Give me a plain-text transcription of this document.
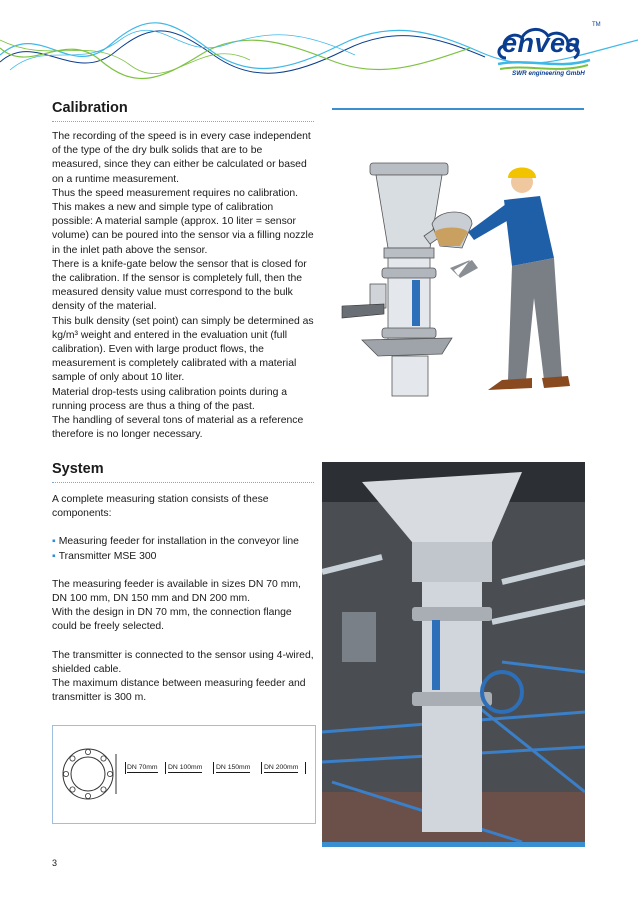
envea
TM
SWR engineering GmbH
Calibration

The recording of the speed is in every case independent of the type of the dry bulk solids that are to be measured, since they can either be calculated or based on a runtime measurement.

Thus the speed measurement requires no calibration.

This makes a new and simple type of calibration possible: A material sample (approx. 10 liter = sensor volume) can be poured into the sensor via a filling nozzle in the inlet path above the sensor.

There is a knife-gate below the sensor that is closed for the calibration. If the sensor is completely full, then the measured density value must correspond to the bulk density of the material.

This bulk density (set point) can simply be determined as kg/m³ weight and entered in the evaluation unit (full calibration). Even with large product flows, the measurement is completely calibrated with a material sample of only about 10 liter.

Material drop-tests using calibration points during a running process are thus a thing of the past.

The handling of several tons of material as a reference therefore is no longer necessary.

System

A complete measuring station consists of these components:

▪ Measuring feeder for installation in the conveyor line

▪ Transmitter MSE 300

The measuring feeder is available in sizes DN 70 mm, DN 100 mm, DN 150 mm and DN 200 mm.

With the design in DN 70 mm, the connection flange could be freely selected.

The transmitter is connected to the sensor using 4-wired, shielded cable.

The maximum distance between measuring feeder and transmitter is 300 m.

DN 70mm DN 100mm DN 150mm DN 200mm
3
